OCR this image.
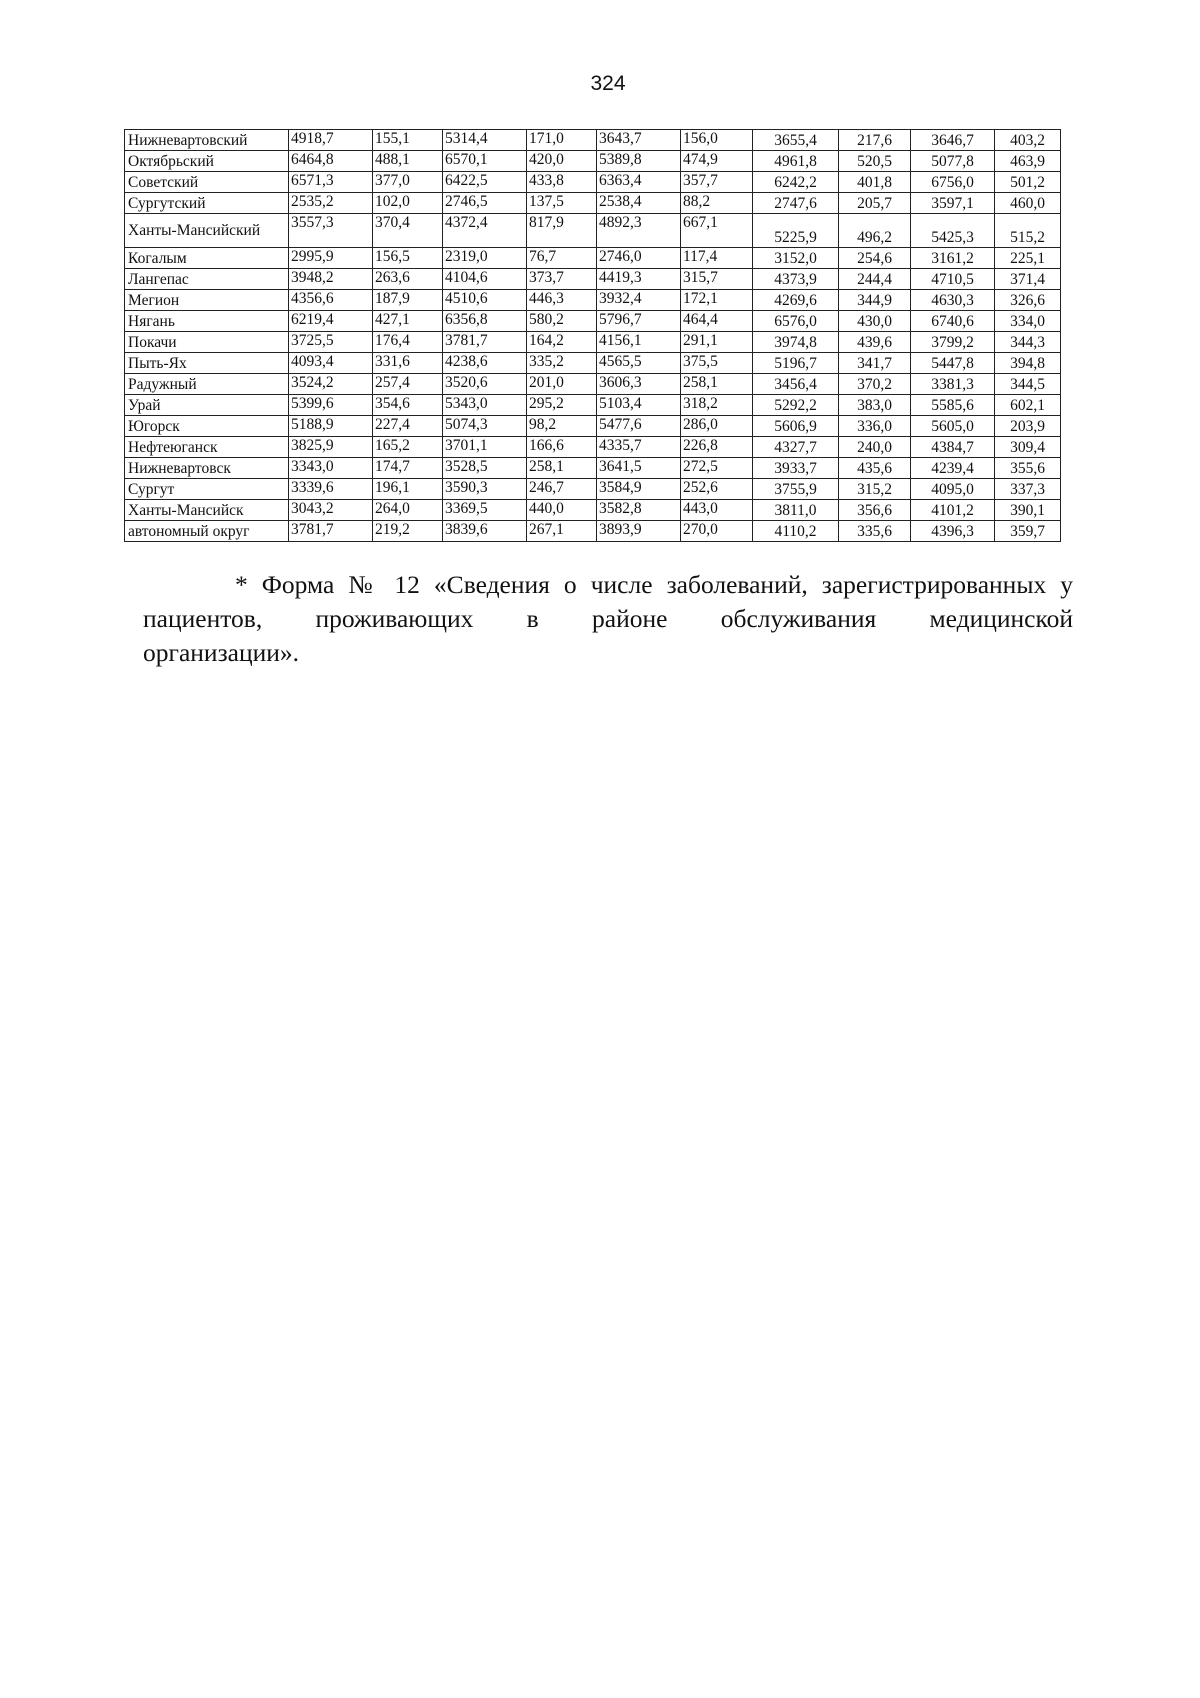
324
Нижневартовский	4918,7	155,1	5314,4	171,0	3643,7	156,0	3655,4	217,6	3646,7	403,2
Октябрьский	6464,8	488,1	6570,1	420,0	5389,8	474,9	4961,8	520,5	5077,8	463,9
Советский	6571,3	377,0	6422,5	433,8	6363,4	357,7	6242,2	401,8	6756,0	501,2
Сургутский	2535,2	102,0	2746,5	137,5	2538,4	88,2	2747,6	205,7	3597,1	460,0
Ханты-Мансийский	3557,3	370,4	4372,4	817,9	4892,3	667,1	5225,9	496,2	5425,3	515,2
Когалым	2995,9	156,5	2319,0	76,7	2746,0	117,4	3152,0	254,6	3161,2	225,1
Лангепас	3948,2	263,6	4104,6	373,7	4419,3	315,7	4373,9	244,4	4710,5	371,4
Мегион	4356,6	187,9	4510,6	446,3	3932,4	172,1	4269,6	344,9	4630,3	326,6
Нягань	6219,4	427,1	6356,8	580,2	5796,7	464,4	6576,0	430,0	6740,6	334,0
Покачи	3725,5	176,4	3781,7	164,2	4156,1	291,1	3974,8	439,6	3799,2	344,3
Пыть-Ях	4093,4	331,6	4238,6	335,2	4565,5	375,5	5196,7	341,7	5447,8	394,8
Радужный	3524,2	257,4	3520,6	201,0	3606,3	258,1	3456,4	370,2	3381,3	344,5
Урай	5399,6	354,6	5343,0	295,2	5103,4	318,2	5292,2	383,0	5585,6	602,1
Югорск	5188,9	227,4	5074,3	98,2	5477,6	286,0	5606,9	336,0	5605,0	203,9
Нефтеюганск	3825,9	165,2	3701,1	166,6	4335,7	226,8	4327,7	240,0	4384,7	309,4
Нижневартовск	3343,0	174,7	3528,5	258,1	3641,5	272,5	3933,7	435,6	4239,4	355,6
Сургут	3339,6	196,1	3590,3	246,7	3584,9	252,6	3755,9	315,2	4095,0	337,3
Ханты-Мансийск	3043,2	264,0	3369,5	440,0	3582,8	443,0	3811,0	356,6	4101,2	390,1
автономный округ	3781,7	219,2	3839,6	267,1	3893,9	270,0	4110,2	335,6	4396,3	359,7
* Форма № 12 «Сведения о числе заболеваний, зарегистрированных у
пациентов, проживающих в районе обслуживания медицинской
организации».
